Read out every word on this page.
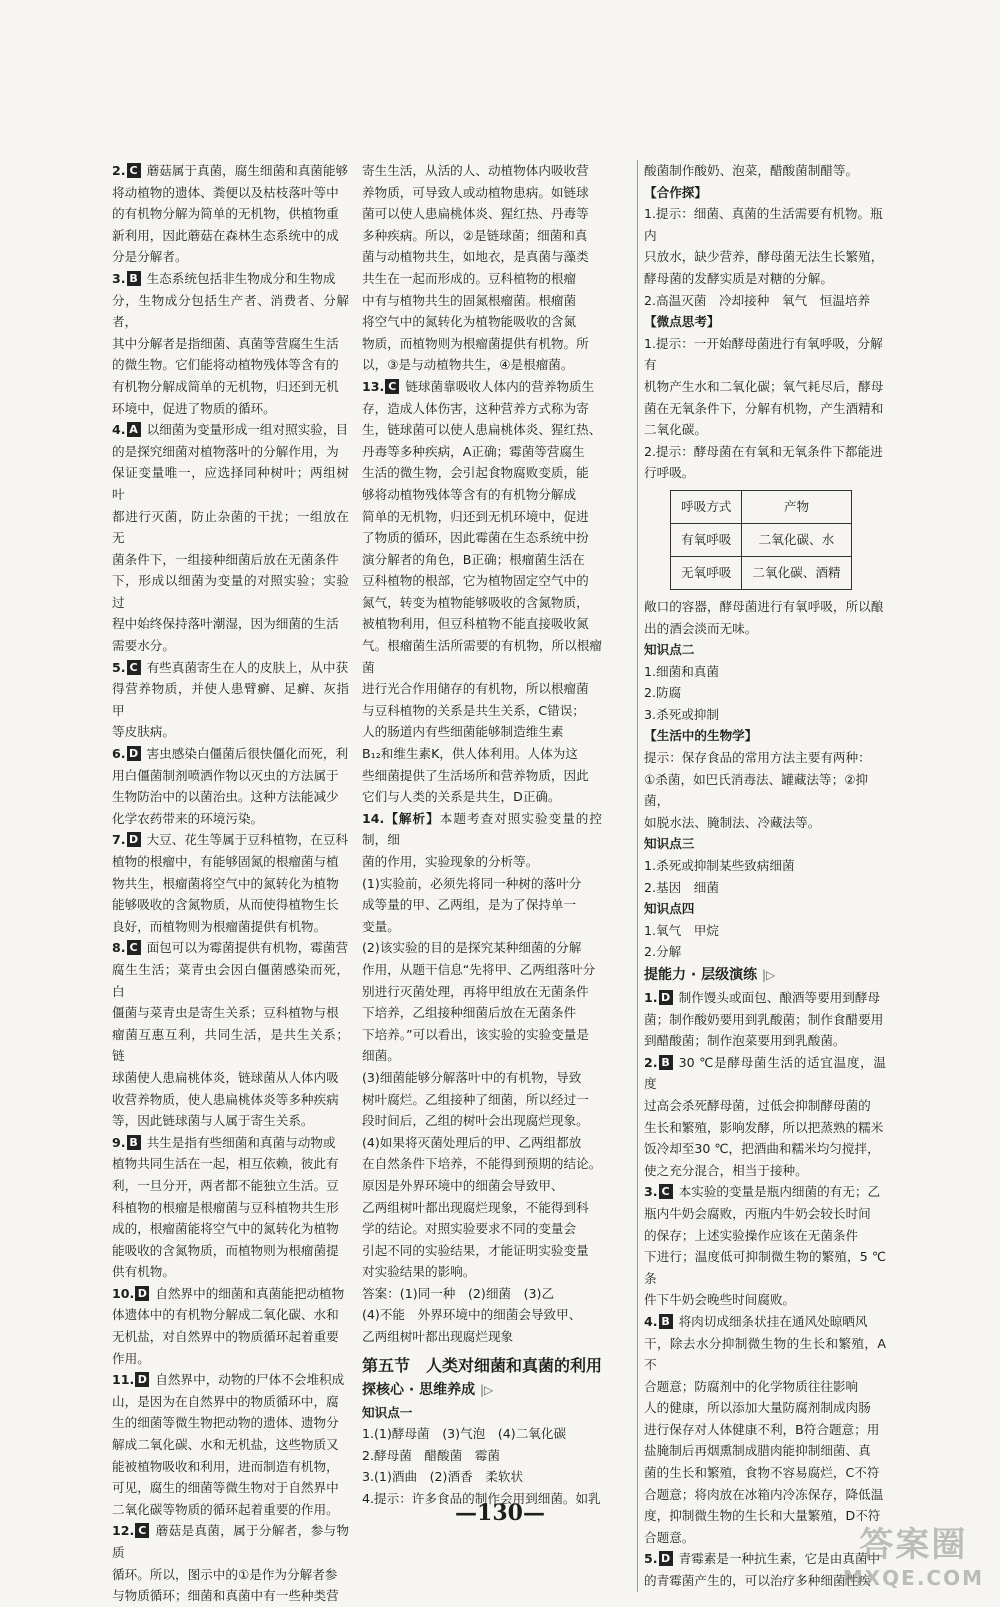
2. C 蘑菇属于真菌，腐生细菌和真菌能够
将动植物的遗体、粪便以及枯枝落叶等中
的有机物分解为简单的无机物，供植物重
新利用，因此蘑菇在森林生态系统中的成
分是分解者。
3. B 生态系统包括非生物成分和生物成
分，生物成分包括生产者、消费者、分解者，
其中分解者是指细菌、真菌等营腐生生活
的微生物。它们能将动植物残体等含有的
有机物分解成简单的无机物，归还到无机
环境中，促进了物质的循环。
4. A 以细菌为变量形成一组对照实验，目
的是探究细菌对植物落叶的分解作用，为
保证变量唯一，应选择同种树叶；两组树叶
都进行灭菌，防止杂菌的干扰；一组放在无
菌条件下，一组接种细菌后放在无菌条件
下，形成以细菌为变量的对照实验；实验过
程中始终保持落叶潮湿，因为细菌的生活
需要水分。
5. C 有些真菌寄生在人的皮肤上，从中获
得营养物质，并使人患臂癣、足癣、灰指甲
等皮肤病。
6. D 害虫感染白僵菌后很快僵化而死，利
用白僵菌制剂喷洒作物以灭虫的方法属于
生物防治中的以菌治虫。这种方法能减少
化学农药带来的环境污染。
7. D 大豆、花生等属于豆科植物，在豆科
植物的根瘤中，有能够固氮的根瘤菌与植
物共生，根瘤菌将空气中的氮转化为植物
能够吸收的含氮物质，从而使得植物生长
良好，而植物则为根瘤菌提供有机物。
8. C 面包可以为霉菌提供有机物，霉菌营
腐生生活；菜青虫会因白僵菌感染而死，白
僵菌与菜青虫是寄生关系；豆科植物与根
瘤菌互惠互利，共同生活，是共生关系；链
球菌使人患扁桃体炎，链球菌从人体内吸
收营养物质，使人患扁桃体炎等多种疾病
等，因此链球菌与人属于寄生关系。
9. B 共生是指有些细菌和真菌与动物或
植物共同生活在一起，相互依赖，彼此有
利，一旦分开，两者都不能独立生活。豆
科植物的根瘤是根瘤菌与豆科植物共生形
成的，根瘤菌能将空气中的氮转化为植物
能吸收的含氮物质，而植物则为根瘤菌提
供有机物。
10. D 自然界中的细菌和真菌能把动植物
体遗体中的有机物分解成二氧化碳、水和
无机盐，对自然界中的物质循环起着重要
作用。
11. D 自然界中，动物的尸体不会堆积成
山，是因为在自然界中的物质循环中，腐
生的细菌等微生物把动物的遗体、遗物分
解成二氧化碳、水和无机盐，这些物质又
能被植物吸收和利用，进而制造有机物，
可见，腐生的细菌等微生物对于自然界中
二氧化碳等物质的循环起着重要的作用。
12. C 蘑菇是真菌，属于分解者，参与物质
循环。所以，图示中的①是作为分解者参
与物质循环；细菌和真菌中有一些种类营
寄生生活，从活的人、动植物体内吸收营
养物质，可导致人或动植物患病。如链球
菌可以使人患扁桃体炎、猩红热、丹毒等
多种疾病。所以，②是链球菌；细菌和真
菌与动植物共生，如地衣，是真菌与藻类
共生在一起而形成的。豆科植物的根瘤
中有与植物共生的固氮根瘤菌。根瘤菌
将空气中的氮转化为植物能吸收的含氮
物质，而植物则为根瘤菌提供有机物。所
以，③是与动植物共生，④是根瘤菌。
13. C 链球菌靠吸收人体内的营养物质生
存，造成人体伤害，这种营养方式称为寄
生，链球菌可以使人患扁桃体炎、猩红热、
丹毒等多种疾病，A正确；霉菌等营腐生
生活的微生物，会引起食物腐败变质，能
够将动植物残体等含有的有机物分解成
简单的无机物，归还到无机环境中，促进
了物质的循环，因此霉菌在生态系统中扮
演分解者的角色，B正确；根瘤菌生活在
豆科植物的根部，它为植物固定空气中的
氮气，转变为植物能够吸收的含氮物质，
被植物利用，但豆科植物不能直接吸收氮
气。根瘤菌生活所需要的有机物，所以根瘤菌
进行光合作用储存的有机物，所以根瘤菌
与豆科植物的关系是共生关系，C错误；
人的肠道内有些细菌能够制造维生素
B₁₂和维生素K，供人体利用。人体为这
些细菌提供了生活场所和营养物质，因此
它们与人类的关系是共生，D正确。
14.【解析】本题考查对照实验变量的控制，细
菌的作用，实验现象的分析等。
(1)实验前，必须先将同一种树的落叶分
成等量的甲、乙两组，是为了保持单一
变量。
(2)该实验的目的是探究某种细菌的分解
作用，从题干信息“先将甲、乙两组落叶分
别进行灭菌处理，再将甲组放在无菌条件
下培养，乙组接种细菌后放在无菌条件
下培养。”可以看出，该实验的实验变量是
细菌。
(3)细菌能够分解落叶中的有机物，导致
树叶腐烂。乙组接种了细菌，所以经过一
段时间后，乙组的树叶会出现腐烂现象。
(4)如果将灭菌处理后的甲、乙两组都放
在自然条件下培养，不能得到预期的结论。
原因是外界环境中的细菌会导致甲、
乙两组树叶都出现腐烂现象，不能得到科
学的结论。对照实验要求不同的变量会
引起不同的实验结果，才能证明实验变量
对实验结果的影响。
答案：(1)同一种　(2)细菌　(3)乙
(4)不能　外界环境中的细菌会导致甲、
乙两组树叶都出现腐烂现象
第五节　人类对细菌和真菌的利用
探核心 · 思维养成 |▷
知识点一
1.(1)酵母菌　(3)气泡　(4)二氧化碳
2.酵母菌　醋酸菌　霉菌
3.(1)酒曲　(2)酒香　柔软状
4.提示：许多食品的制作会用到细菌。如乳
酸菌制作酸奶、泡菜，醋酸菌制醋等。
【合作探】
1.提示：细菌、真菌的生活需要有机物。瓶内
只放水，缺少营养，酵母菌无法生长繁殖，
酵母菌的发酵实质是对糖的分解。
2.高温灭菌　冷却接种　氧气　恒温培养
【微点思考】
1.提示：一开始酵母菌进行有氧呼吸，分解有
机物产生水和二氧化碳；氧气耗尽后，酵母
菌在无氧条件下，分解有机物，产生酒精和
二氧化碳。
2.提示：酵母菌在有氧和无氧条件下都能进
行呼吸。
呼吸方式	产物
有氧呼吸	二氧化碳、水
无氧呼吸	二氧化碳、酒精
敞口的容器，酵母菌进行有氧呼吸，所以酿
出的酒会淡而无味。
知识点二
1.细菌和真菌
2.防腐
3.杀死或抑制
【生活中的生物学】
提示：保存食品的常用方法主要有两种：
①杀菌，如巴氏消毒法、罐藏法等；②抑菌，
如脱水法、腌制法、冷藏法等。
知识点三
1.杀死或抑制某些致病细菌
2.基因　细菌
知识点四
1.氧气　甲烷
2.分解
提能力 · 层级演练 |▷
1. D 制作馒头或面包、酿酒等要用到酵母
菌；制作酸奶要用到乳酸菌；制作食醋要用
到醋酸菌；制作泡菜要用到乳酸菌。
2. B 30 ℃是酵母菌生活的适宜温度，温度
过高会杀死酵母菌，过低会抑制酵母菌的
生长和繁殖，影响发酵，所以把蒸熟的糯米
饭冷却至30 ℃，把酒曲和糯米均匀搅拌，
使之充分混合，相当于接种。
3. C 本实验的变量是瓶内细菌的有无；乙
瓶内牛奶会腐败，丙瓶内牛奶会较长时间
的保存；上述实验操作应该在无菌条件
下进行；温度低可抑制微生物的繁殖，5 ℃条
件下牛奶会晚些时间腐败。
4. B 将肉切成细条状挂在通风处晾晒风
干，除去水分抑制微生物的生长和繁殖，A不
合题意；防腐剂中的化学物质往往影响
人的健康，所以添加大量防腐剂制成肉肠
进行保存对人体健康不利，B符合题意；用
盐腌制后再烟熏制成腊肉能抑制细菌、真
菌的生长和繁殖，食物不容易腐烂，C不符
合题意；将肉放在冰箱内冷冻保存，降低温
度，抑制微生物的生长和大量繁殖，D不符
合题意。
5. D 青霉素是一种抗生素，它是由真菌中
的青霉菌产生的，可以治疗多种细菌性疾
—130—
答案圈
MXQE.COM
